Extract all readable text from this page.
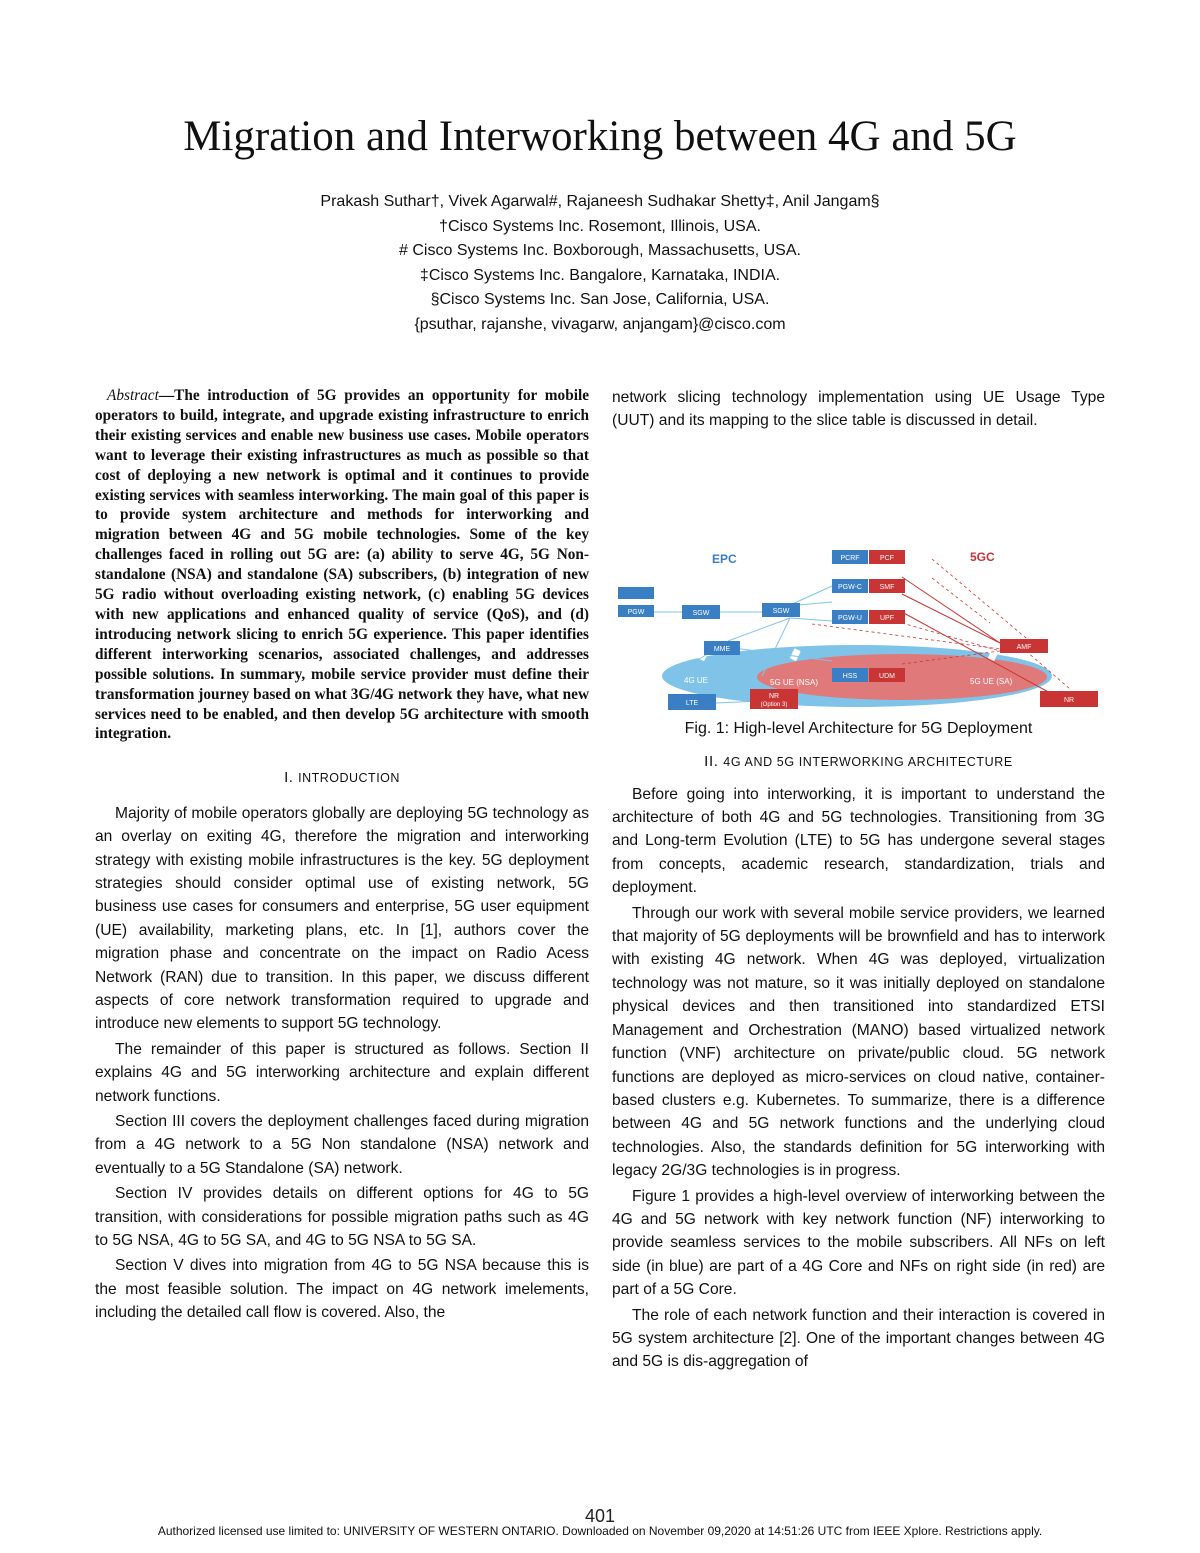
Migration and Interworking between 4G and 5G
Prakash Suthar†, Vivek Agarwal#, Rajaneesh Sudhakar Shetty‡, Anil Jangam§
†Cisco Systems Inc. Rosemont, Illinois, USA.
# Cisco Systems Inc. Boxborough, Massachusetts, USA.
‡Cisco Systems Inc. Bangalore, Karnataka, INDIA.
§Cisco Systems Inc. San Jose, California, USA.
{psuthar, rajanshe, vivagarw, anjangam}@cisco.com

Abstract—The introduction of 5G provides an opportunity for mobile operators to build, integrate, and upgrade existing infrastructure to enrich their existing services and enable new business use cases. Mobile operators want to leverage their existing infrastructures as much as possible so that cost of deploying a new network is optimal and it continues to provide existing services with seamless interworking. The main goal of this paper is to provide system architecture and methods for interworking and migration between 4G and 5G mobile technologies. Some of the key challenges faced in rolling out 5G are: (a) ability to serve 4G, 5G Non-standalone (NSA) and standalone (SA) subscribers, (b) integration of new 5G radio without overloading existing network, (c) enabling 5G devices with new applications and enhanced quality of service (QoS), and (d) introducing network slicing to enrich 5G experience. This paper identifies different interworking scenarios, associated challenges, and addresses possible solutions. In summary, mobile service provider must define their transformation journey based on what 3G/4G network they have, what new services need to be enabled, and then develop 5G architecture with smooth integration.

I. INTRODUCTION

Majority of mobile operators globally are deploying 5G technology as an overlay on exiting 4G, therefore the migration and interworking strategy with existing mobile infrastructures is the key. 5G deployment strategies should consider optimal use of existing network, 5G business use cases for consumers and enterprise, 5G user equipment (UE) availability, marketing plans, etc. In [1], authors cover the migration phase and concentrate on the impact on Radio Acess Network (RAN) due to transition. In this paper, we discuss different aspects of core network transformation required to upgrade and introduce new elements to support 5G technology.

The remainder of this paper is structured as follows. Section II explains 4G and 5G interworking architecture and explain different network functions.

Section III covers the deployment challenges faced during migration from a 4G network to a 5G Non standalone (NSA) network and eventually to a 5G Standalone (SA) network.

Section IV provides details on different options for 4G to 5G transition, with considerations for possible migration paths such as 4G to 5G NSA, 4G to 5G SA, and 4G to 5G NSA to 5G SA.

Section V dives into migration from 4G to 5G NSA because this is the most feasible solution. The impact on 4G network imelements, including the detailed call flow is covered. Also, the

network slicing technology implementation using UE Usage Type (UUT) and its mapping to the slice table is discussed in detail.

4G UE	5G UE (NSA)	5G UE (SA)
EPC	5GC
PGW	SGW	SGW
MME
LTE
NR
(Option 3)
PCRF	PCF
PGW-C	SMF
PGW-U	UPF
HSS	UDM
AMF
NR
Fig. 1: High-level Architecture for 5G Deployment
II. 4G AND 5G INTERWORKING ARCHITECTURE

Before going into interworking, it is important to understand the architecture of both 4G and 5G technologies. Transitioning from 3G and Long-term Evolution (LTE) to 5G has undergone several stages from concepts, academic research, standardization, trials and deployment.

Through our work with several mobile service providers, we learned that majority of 5G deployments will be brownfield and has to interwork with existing 4G network. When 4G was deployed, virtualization technology was not mature, so it was initially deployed on standalone physical devices and then transitioned into standardized ETSI Management and Orchestration (MANO) based virtualized network function (VNF) architecture on private/public cloud. 5G network functions are deployed as micro-services on cloud native, container-based clusters e.g. Kubernetes. To summarize, there is a difference between 4G and 5G network functions and the underlying cloud technologies. Also, the standards definition for 5G interworking with legacy 2G/3G technologies is in progress.

Figure 1 provides a high-level overview of interworking between the 4G and 5G network with key network function (NF) interworking to provide seamless services to the mobile subscribers. All NFs on left side (in blue) are part of a 4G Core and NFs on right side (in red) are part of a 5G Core.

The role of each network function and their interaction is covered in 5G system architecture [2]. One of the important changes between 4G and 5G is dis-aggregation of

401
Authorized licensed use limited to: UNIVERSITY OF WESTERN ONTARIO. Downloaded on November 09,2020 at 14:51:26 UTC from IEEE Xplore. Restrictions apply.
